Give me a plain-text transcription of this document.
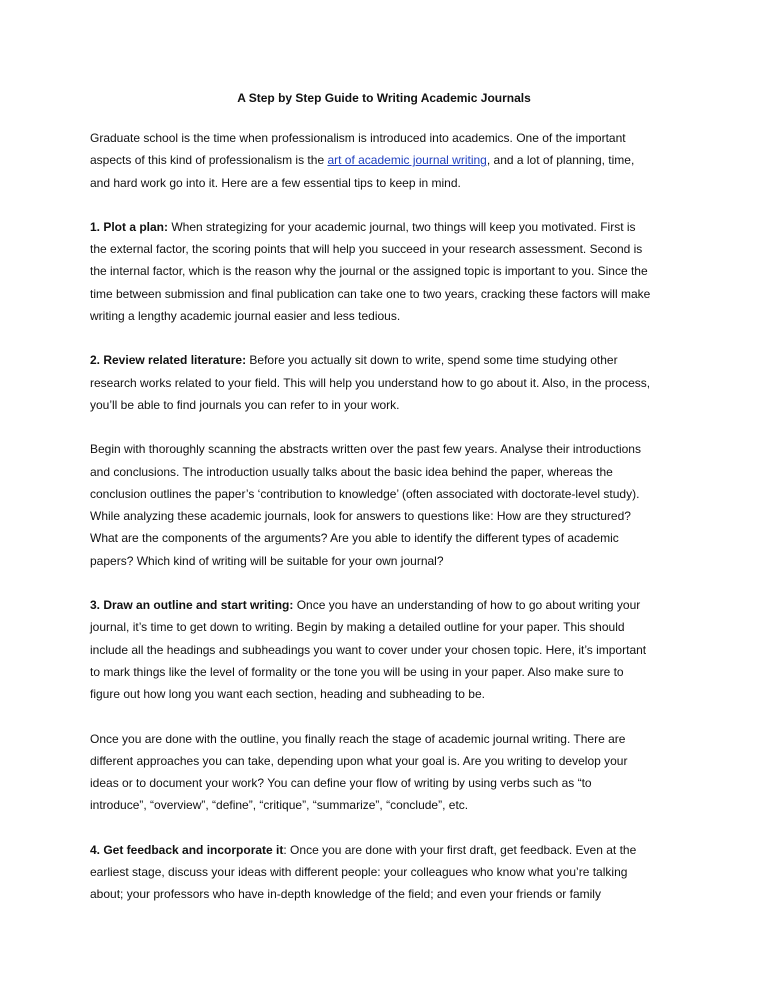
A Step by Step Guide to Writing Academic Journals
Graduate school is the time when professionalism is introduced into academics. One of the important
aspects of this kind of professionalism is the art of academic journal writing, and a lot of planning, time,
and hard work go into it. Here are a few essential tips to keep in mind.
1. Plot a plan: When strategizing for your academic journal, two things will keep you motivated. First is
the external factor, the scoring points that will help you succeed in your research assessment. Second is
the internal factor, which is the reason why the journal or the assigned topic is important to you. Since the
time between submission and final publication can take one to two years, cracking these factors will make
writing a lengthy academic journal easier and less tedious.
2. Review related literature: Before you actually sit down to write, spend some time studying other
research works related to your field. This will help you understand how to go about it. Also, in the process,
you’ll be able to find journals you can refer to in your work.
Begin with thoroughly scanning the abstracts written over the past few years. Analyse their introductions
and conclusions. The introduction usually talks about the basic idea behind the paper, whereas the
conclusion outlines the paper’s ‘contribution to knowledge’ (often associated with doctorate-level study).
While analyzing these academic journals, look for answers to questions like: How are they structured?
What are the components of the arguments? Are you able to identify the different types of academic
papers? Which kind of writing will be suitable for your own journal?
3. Draw an outline and start writing: Once you have an understanding of how to go about writing your
journal, it’s time to get down to writing. Begin by making a detailed outline for your paper. This should
include all the headings and subheadings you want to cover under your chosen topic. Here, it’s important
to mark things like the level of formality or the tone you will be using in your paper. Also make sure to
figure out how long you want each section, heading and subheading to be.
Once you are done with the outline, you finally reach the stage of academic journal writing. There are
different approaches you can take, depending upon what your goal is. Are you writing to develop your
ideas or to document your work? You can define your flow of writing by using verbs such as “to
introduce”, “overview”, “define”, “critique”, “summarize”, “conclude”, etc.
4. Get feedback and incorporate it: Once you are done with your first draft, get feedback. Even at the
earliest stage, discuss your ideas with different people: your colleagues who know what you’re talking
about; your professors who have in-depth knowledge of the field; and even your friends or family
